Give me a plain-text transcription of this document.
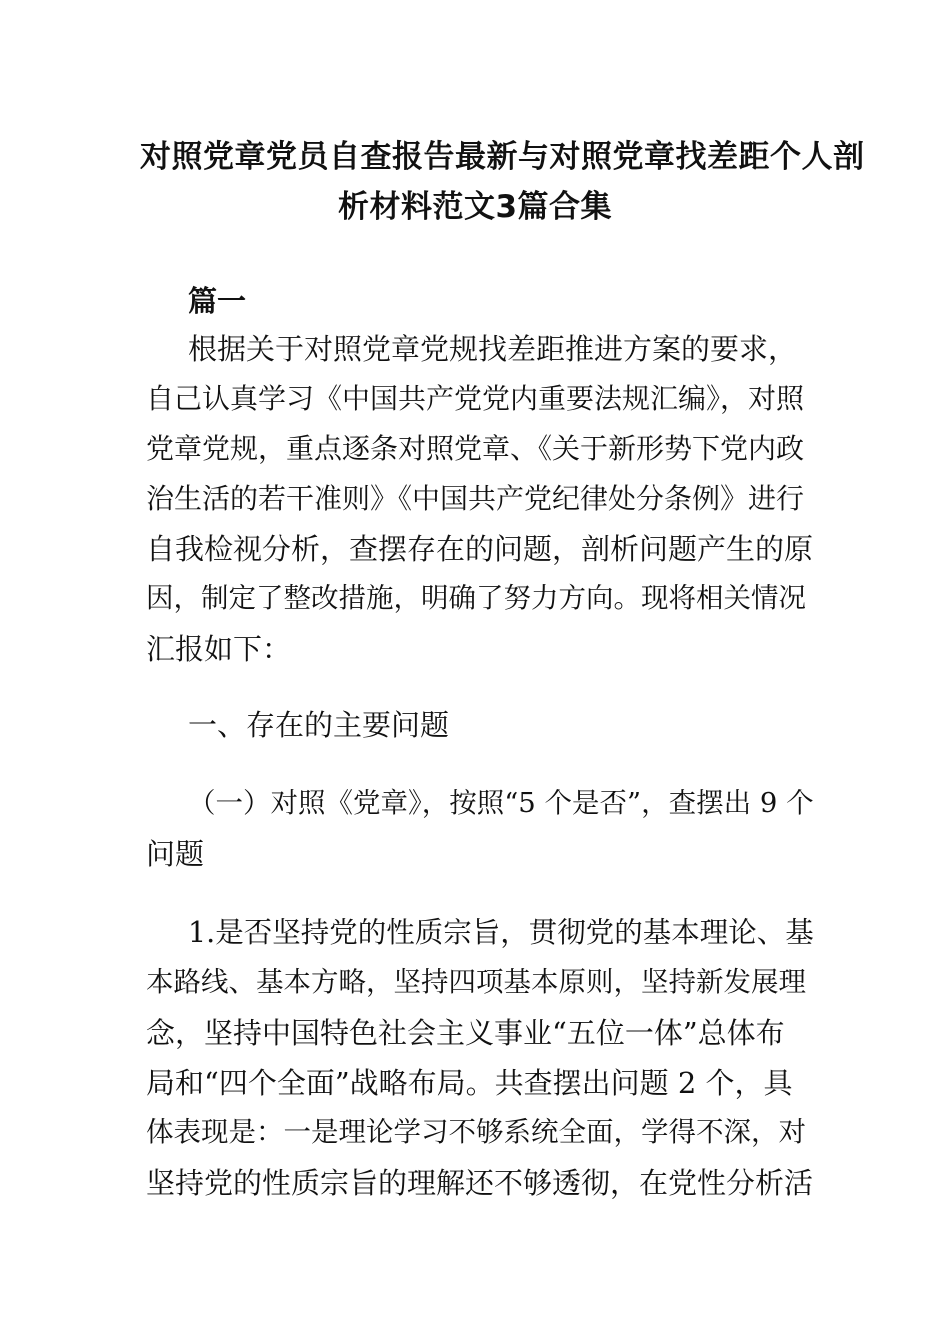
对照党章党员自查报告最新与对照党章找差距个人剖
析材料范文3篇合集
篇一
根据关于对照党章党规找差距推进方案的要求，
自己认真学习《中国共产党党内重要法规汇编》，对照
党章党规，重点逐条对照党章、《关于新形势下党内政
治生活的若干准则》《中国共产党纪律处分条例》进行
自我检视分析，查摆存在的问题，剖析问题产生的原
因，制定了整改措施，明确了努力方向。现将相关情况
汇报如下：
一、存在的主要问题
（一）对照《党章》，按照“5 个是否”，查摆出 9 个
问题
1.是否坚持党的性质宗旨，贯彻党的基本理论、基
本路线、基本方略，坚持四项基本原则，坚持新发展理
念，坚持中国特色社会主义事业“五位一体”总体布
局和“四个全面”战略布局。共查摆出问题 2 个，具
体表现是：一是理论学习不够系统全面，学得不深，对
坚持党的性质宗旨的理解还不够透彻，在党性分析活
